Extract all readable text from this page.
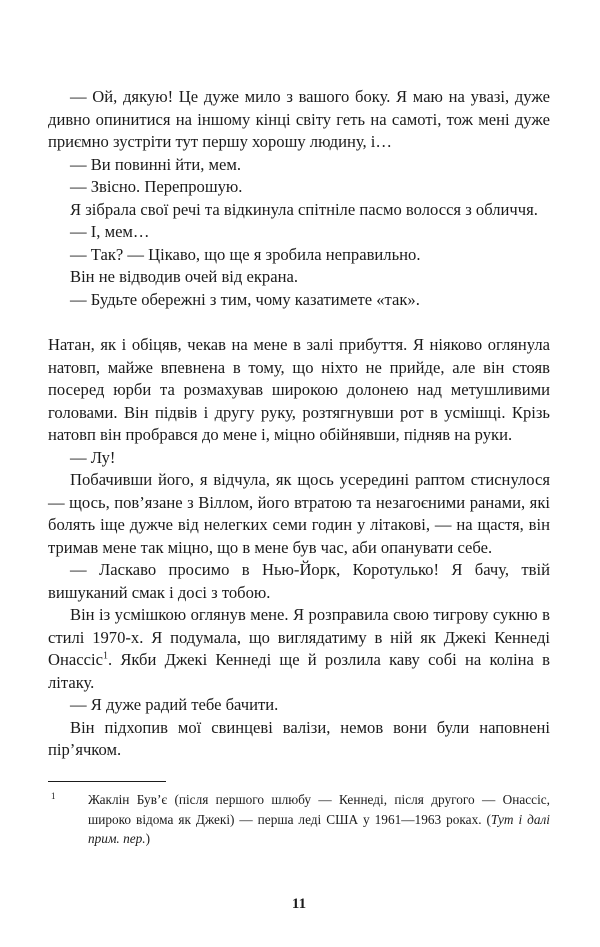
— Ой, дякую! Це дуже мило з вашого боку. Я маю на увазі, дуже дивно опинитися на іншому кінці світу геть на самоті, тож мені дуже приємно зустріти тут першу хорошу людину, і…

— Ви повинні йти, мем.

— Звісно. Перепрошую.

Я зібрала свої речі та відкинула спітніле пасмо волосся з обличчя.

— І, мем…

— Так? — Цікаво, що ще я зробила неправильно.

Він не відводив очей від екрана.

— Будьте обережні з тим, чому казатимете «так».

Натан, як і обіцяв, чекав на мене в залі прибуття. Я ніяково оглянула натовп, майже впевнена в тому, що ніхто не прийде, але він стояв посеред юрби та розмахував широкою долонею над метушливими головами. Він підвів і другу руку, розтягнувши рот в усмішці. Крізь натовп він пробрався до мене і, міцно обійнявши, підняв на руки.

— Лу!

Побачивши його, я відчула, як щось усередині раптом стиснулося — щось, пов’язане з Віллом, його втратою та незагоєними ранами, які болять іще дужче від нелегких семи годин у літакові, — на щастя, він тримав мене так міцно, що в мене був час, аби опанувати себе.

— Ласкаво просимо в Нью-Йорк, Коротулько! Я бачу, твій вишуканий смак і досі з тобою.

Він із усмішкою оглянув мене. Я розправила свою тигрову сукню в стилі 1970-х. Я подумала, що виглядатиму в ній як Джекі Кеннеді Онассіс$^1$. Якби Джекі Кеннеді ще й розлила каву собі на коліна в літаку.

— Я дуже радий тебе бачити.

Він підхопив мої свинцеві валізи, немов вони були наповнені пір’ячком.

1 Жаклін Був’є (після першого шлюбу — Кеннеді, після другого — Онассіс, широко відома як Джекі) — перша леді США у 1961—1963 роках. (Тут і далі прим. пер.)
11
